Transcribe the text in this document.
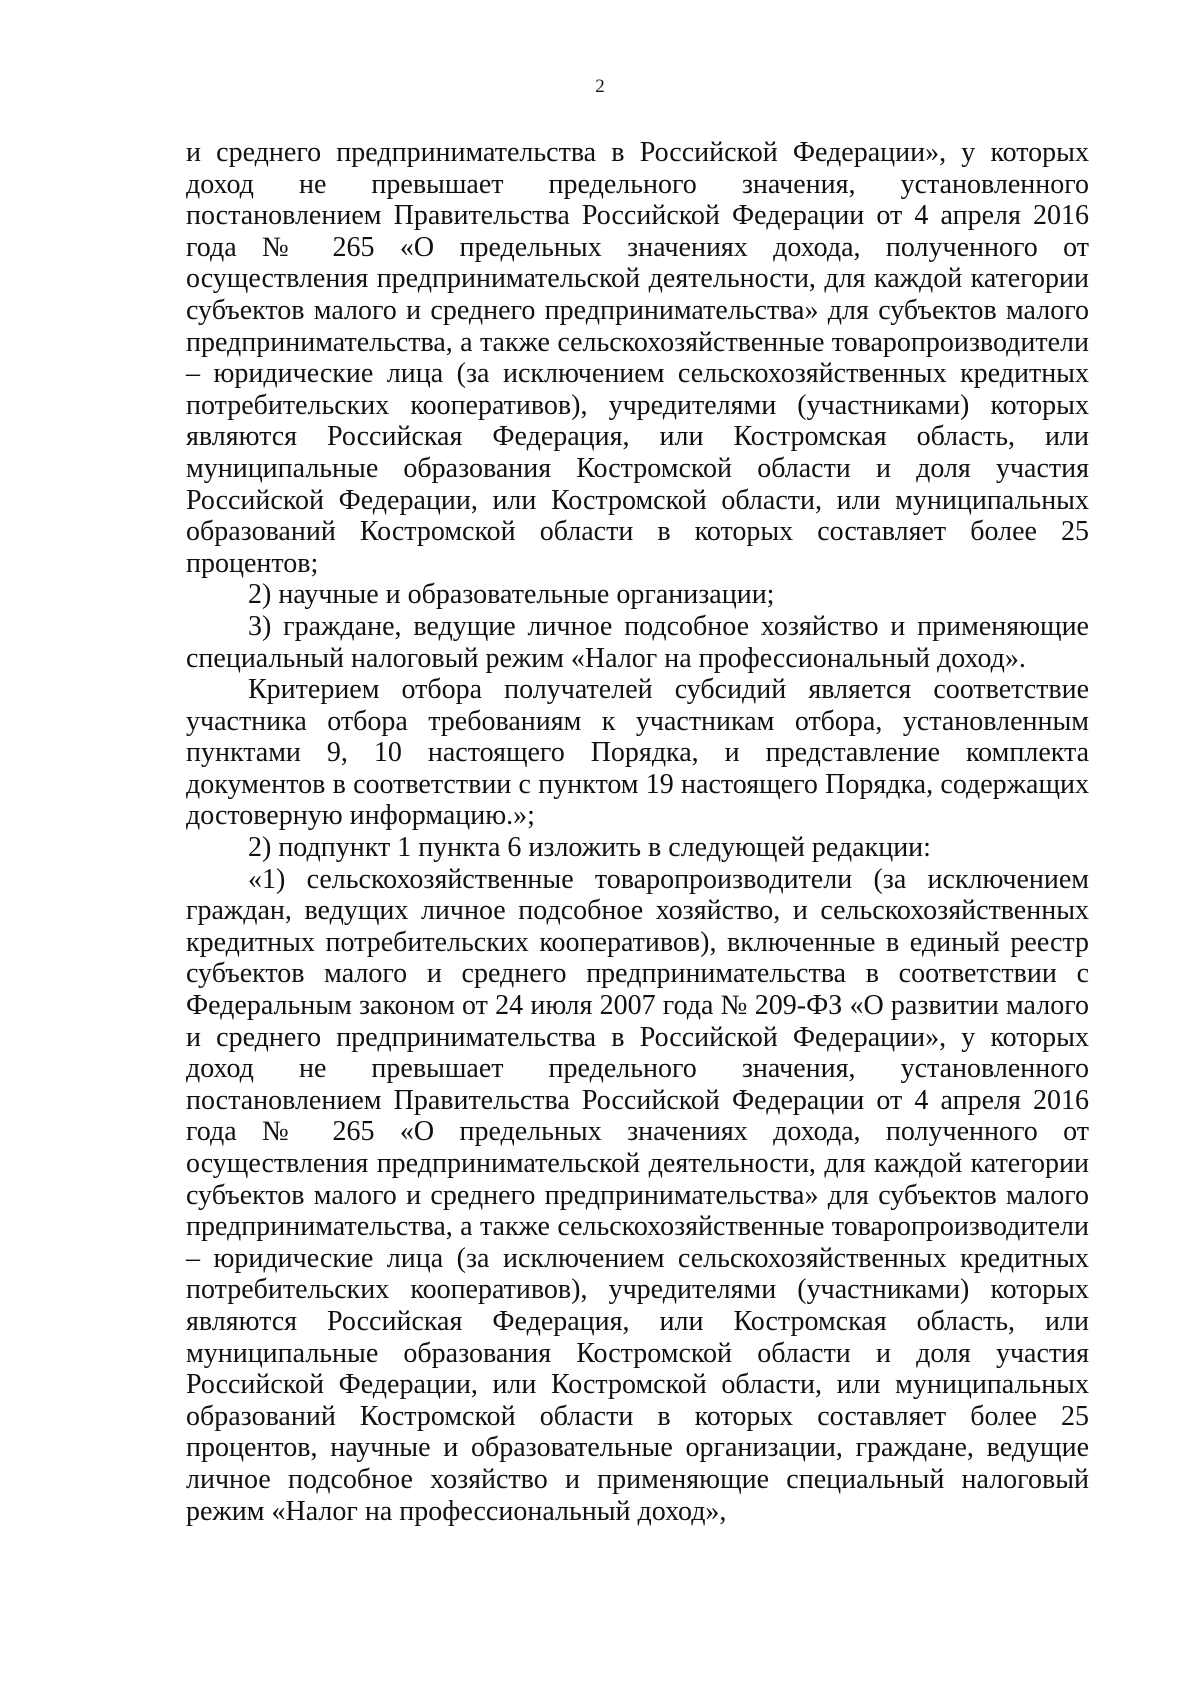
2

и среднего предпринимательства в Российской Федерации», у которых доход не превышает предельного значения, установленного постановлением Правительства Российской Федерации от 4 апреля 2016 года № 265 «О предельных значениях дохода, полученного от осуществления предпринимательской деятельности, для каждой категории субъектов малого и среднего предпринимательства» для субъектов малого предпринимательства, а также сельскохозяйственные товаропроизводители – юридические лица (за исключением сельскохозяйственных кредитных потребительских кооперативов), учредителями (участниками) которых являются Российская Федерация, или Костромская область, или муниципальные образования Костромской области и доля участия Российской Федерации, или Костромской области, или муниципальных образований Костромской области в которых составляет более 25 процентов;

2) научные и образовательные организации;

3) граждане, ведущие личное подсобное хозяйство и применяющие специальный налоговый режим «Налог на профессиональный доход».

Критерием отбора получателей субсидий является соответствие участника отбора требованиям к участникам отбора, установленным пунктами 9, 10 настоящего Порядка, и представление комплекта документов в соответствии с пунктом 19 настоящего Порядка, содержащих достоверную информацию.»;

2) подпункт 1 пункта 6 изложить в следующей редакции:

«1) сельскохозяйственные товаропроизводители (за исключением граждан, ведущих личное подсобное хозяйство, и сельскохозяйственных кредитных потребительских кооперативов), включенные в единый реестр субъектов малого и среднего предпринимательства в соответствии с Федеральным законом от 24 июля 2007 года № 209-ФЗ «О развитии малого и среднего предпринимательства в Российской Федерации», у которых доход не превышает предельного значения, установленного постановлением Правительства Российской Федерации от 4 апреля 2016 года № 265 «О предельных значениях дохода, полученного от осуществления предпринимательской деятельности, для каждой категории субъектов малого и среднего предпринимательства» для субъектов малого предпринимательства, а также сельскохозяйственные товаропроизводители – юридические лица (за исключением сельскохозяйственных кредитных потребительских кооперативов), учредителями (участниками) которых являются Российская Федерация, или Костромская область, или муниципальные образования Костромской области и доля участия Российской Федерации, или Костромской области, или муниципальных образований Костромской области в которых составляет более 25 процентов, научные и образовательные организации, граждане, ведущие личное подсобное хозяйство и применяющие специальный налоговый режим «Налог на профессиональный доход»,
